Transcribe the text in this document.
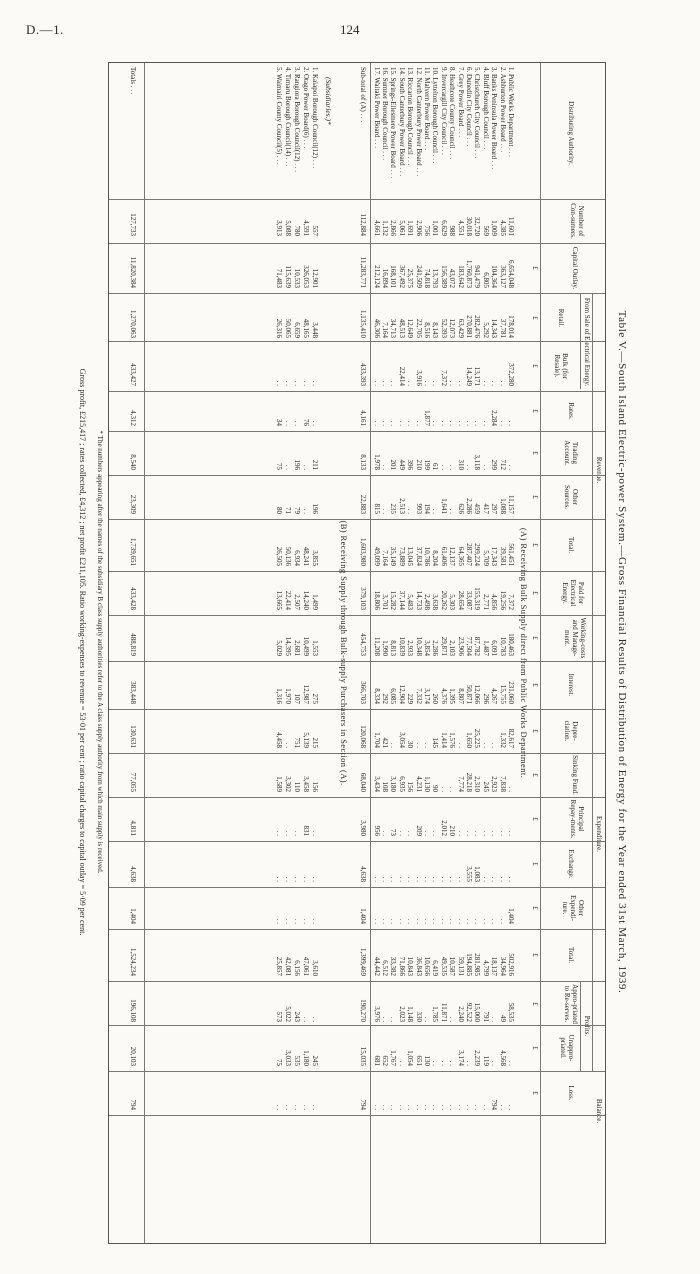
D.—1.	124
Table V.—South Island Electric-power System.—Gross Financial Results of Distribution of Energy for the Year ended 31st March, 1939.
Distributing Authority.
Number of Con-sumers.
Capital Outlay.
Revenue.
From Sale of Electrical Energy.
Retail.
Bulk (for Resale).
Rates.
Trading Account.
Other Sources.
Total.
Expenditure.
Paid for Electrical Energy.
Working-costs and Manage-ment.
Interest.
Depre-ciation.
Sinking Fund.
Principal Repay-ments.
Exchange.
Other Expendi-ture.
Total.
Balance.
Profits.
Appro-priated to Re-serves.
Unappro-priated.
Loss.
£
£
£
£
£
£
£
£
£
£
£
£
£
£
£
£
£
£
£
(A) Receiving Bulk Supply direct from Public Works Department.
1. Public Works Department . . .
11,601
6,654,048
178,014
372,280
. .
. .
11,157
561,451
7,372
180,463
231,060
82,617
. .
. .
. .
1,404
502,916
58,535
. .
. .
2. Ashburton Power Board . . .
4,385
363,127
37,781
. .
. .
712
1,088
39,581
19,256
10,783
15,755
1,332
7,838
. .
. .
. .
34,964
49
4,568
. .
3. Banks Peninsula Power Board . . .
1,009
104,364
14,343
. .
2,284
299
297
17,343
4,856
6,091
4,267
. .
2,923
. .
. .
. .
18,137
. .
. .
794
4. Bluff Borough Council . . .
569
6,805
5,292
. .
. .
. .
417
5,709
2,771
1,487
296
. .
245
. .
. .
. .
4,799
791
119
. .
5. Christchurch City Council . . .
32,720
941,479
282,476
13,171
. .
3,118
459
299,224
155,319
87,782
12,066
25,225
2,310
. .
1,083
. .
281,985
15,000
2,239
. .
6. Dunedin City Council . . .
30,018
1,760,873
270,881
14,249
. .
. .
2,286
287,407
33,087
77,504
50,871
1,650
28,218
. .
3,555
. .
194,885
92,522
. .
. .
7. Grey Power Board . . .
4,551
183,642
63,429
. .
. .
310
626
64,365
28,654
23,906
8,807
. .
7,774
. .
. .
. .
59,131
2,240
3,174
. .
8. Heathcote County Council . . .
988
43,072
12,073
. .
. .
. .
. .
12,137
5,303
2,103
1,395
1,576
. .
210
. .
. .
10,587
. .
. .
. .
9. Invercargill City Council . . .
6,629
156,389
52,393
7,372
. .
. .
1,641
61,406
20,262
29,871
4,376
1,414
. .
2,012
. .
. .
49,535
11,871
. .
. .
10. Lyttelton Borough Council . . .
1,001
13,793
8,143
. .
. .
61
. .
8,204
3,638
2,286
260
145
90
. .
. .
. .
6,419
1,785
. .
. .
11. Malvern Power Board . . .
756
74,818
8,516
. .
1,877
199
194
10,786
2,498
3,854
3,174
. .
1,130
. .
. .
. .
10,656
. .
130
. .
12. North Canterbury Power Board . . .
2,906
241,509
22,705
3,916
. .
210
993
37,824
14,733
10,348
7,332
. .
4,231
209
. .
. .
36,843
330
651
. .
13. Riccarton Borough Council . . .
1,691
25,375
12,649
. .
. .
396
. .
13,045
5,483
2,933
229
30
156
. .
. .
. .
10,843
1,148
1,054
. .
14. South Canterbury Power Board . . .
5,061
367,492
48,513
22,414
. .
449
2,513
73,889
37,144
10,839
12,904
3,054
6,935
. .
. .
. .
71,866
2,023
. .
. .
15. Springs-Ellesmere Power Board . . .
2,866
168,101
34,713
. .
. .
201
235
35,149
15,282
8,813
6,085
. .
3,180
73
. .
. .
33,382
. .
1,767
. .
16. Sumner Borough Council . . .
1,132
16,894
7,164
. .
. .
. .
. .
7,164
3,701
1,990
292
421
108
. .
. .
. .
6,512
. .
652
. .
17. Waitaki Power Board . . .
4,661
212,124
46,306
. .
. .
1,978
815
49,099
18,806
11,208
8,334
1,704
3,434
956
. .
. .
44,442
3,976
681
. .
Sub-total of (A) . . .
112,884
11,283,771
1,135,410
433,393
4,161
8,133
22,883
1,603,980
379,103
454,753
366,703
120,068
68,040
3,980
4,638
1,404
1,399,469
190,270
15,035
794
(B) Receiving Supply through Bulk-supply Purchasers in Section (A).
(Subsidiaries.)*
1. Kaiapoi Borough Council(12) . . .
557
12,901
3,448
. .
. .
211
196
3,855
1,499
1,553
275
215
156
. .
. .
. .
3,610
. .
245
. .
2. Otago Power Board(6) . . .
4,591
326,053
48,165
. .
76
. .
. .
48,241
14,240
10,499
12,987
5,139
3,458
831
. .
. .
47,061
. .
1,180
. .
3. Rangiora Borough Council(12) . . .
780
10,533
6,659
. .
. .
196
79
6,934
2,507
2,681
107
751
110
. .
. .
. .
6,156
243
535
. .
4. Timaru Borough Council(14) . . .
5,088
115,639
50,065
. .
. .
. .
71
50,136
22,414
14,395
1,970
. .
3,302
. .
. .
. .
42,081
5,022
3,033
. .
5. Waimairi County Council(5) . . .
3,913
71,483
26,316
. .
34
75
80
26,505
13,665
5,029
1,316
4,458
1,589
. .
. .
. .
25,857
573
75
. .
Totals . . .
127,733
11,820,384
1,270,063
433,427
4,312
8,540
23,309
1,739,651
433,428
488,819
383,448
130,631
77,055
4,811
4,638
1,404
1,524,234
196,108
20,103
794
* The numbers appearing after the names of the subsidiary B class supply authorities refer to the A class supply authority from which main supply is received.
Gross profit, £215,417 ; rates collected, £4,312 ; net profit £211,105. Ratio working-expenses to revenue = 53·01 per cent ; ratio capital charges to capital outlay = 5·09 per cent.
